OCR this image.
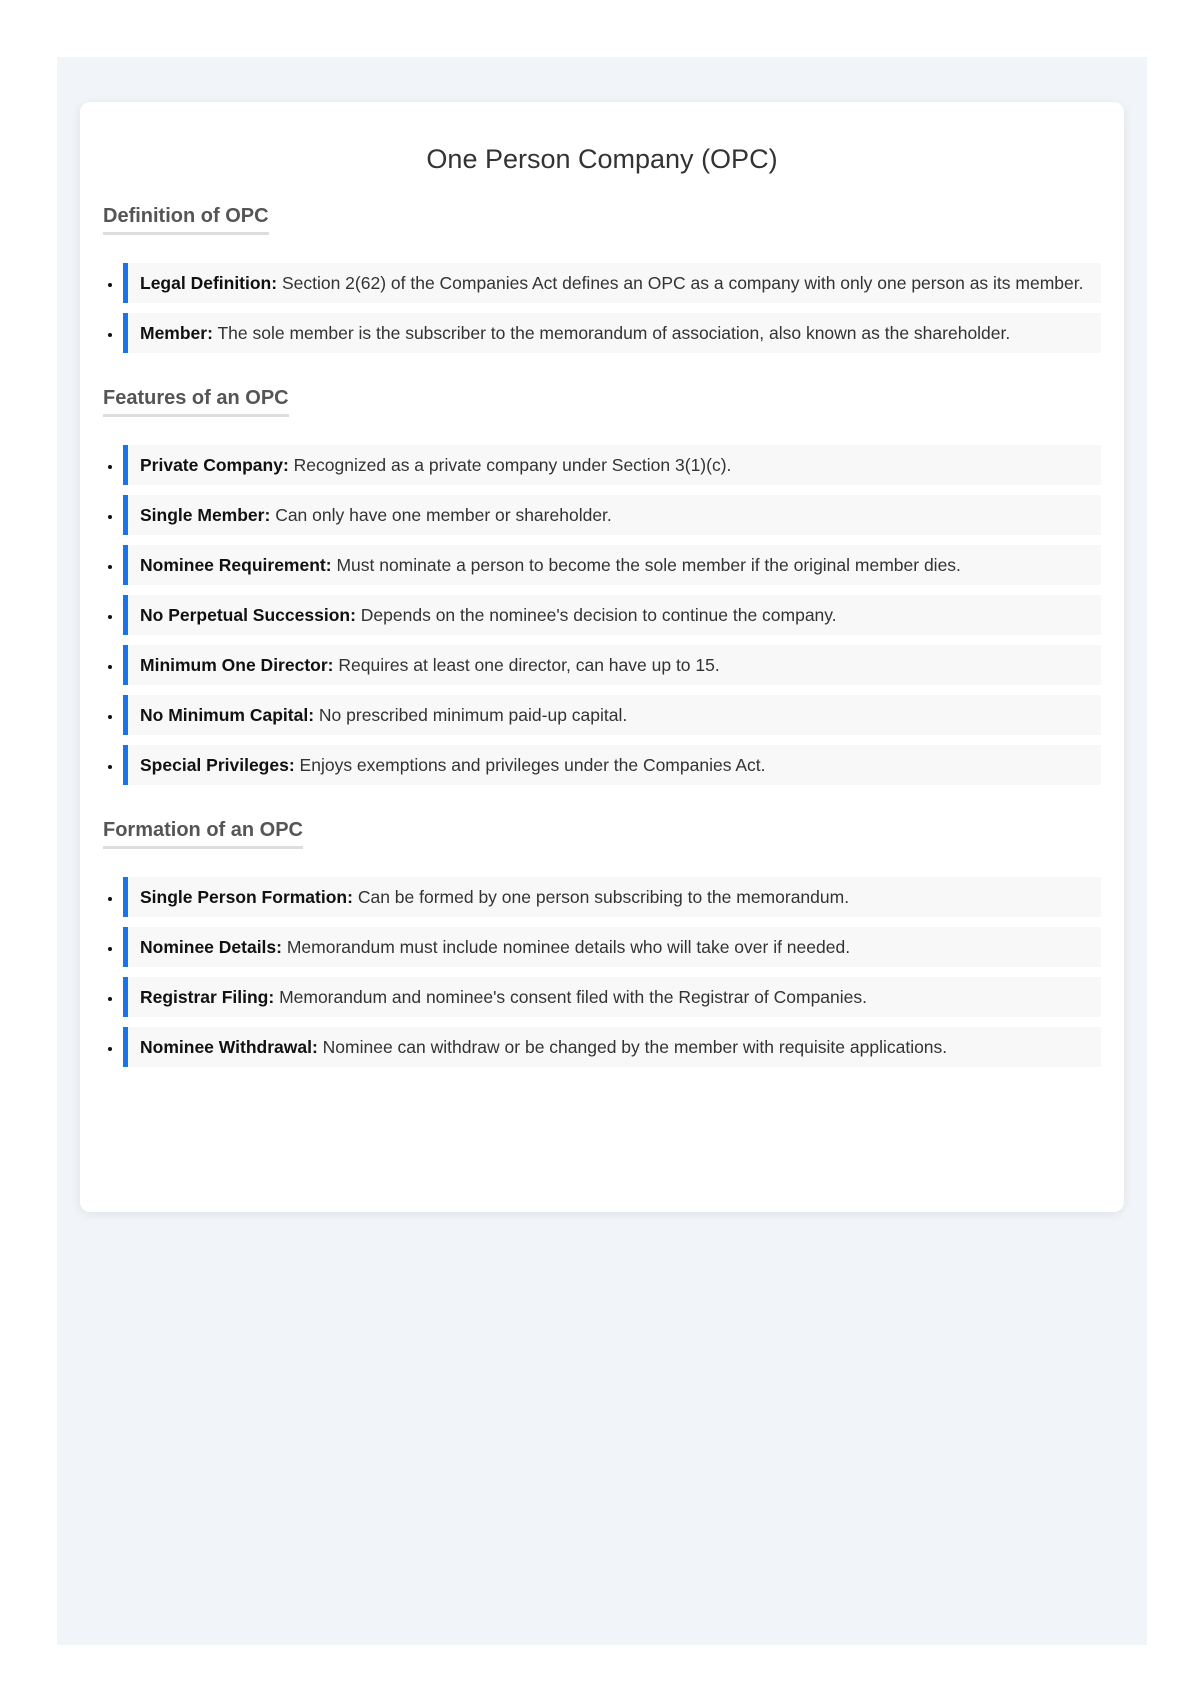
One Person Company (OPC)
Definition of OPC
• Legal Definition: Section 2(62) of the Companies Act defines an OPC as a company with only one person as its member.
• Member: The sole member is the subscriber to the memorandum of association, also known as the shareholder.
Features of an OPC
• Private Company: Recognized as a private company under Section 3(1)(c).
• Single Member: Can only have one member or shareholder.
• Nominee Requirement: Must nominate a person to become the sole member if the original member dies.
• No Perpetual Succession: Depends on the nominee's decision to continue the company.
• Minimum One Director: Requires at least one director, can have up to 15.
• No Minimum Capital: No prescribed minimum paid-up capital.
• Special Privileges: Enjoys exemptions and privileges under the Companies Act.
Formation of an OPC
• Single Person Formation: Can be formed by one person subscribing to the memorandum.
• Nominee Details: Memorandum must include nominee details who will take over if needed.
• Registrar Filing: Memorandum and nominee's consent filed with the Registrar of Companies.
• Nominee Withdrawal: Nominee can withdraw or be changed by the member with requisite applications.
